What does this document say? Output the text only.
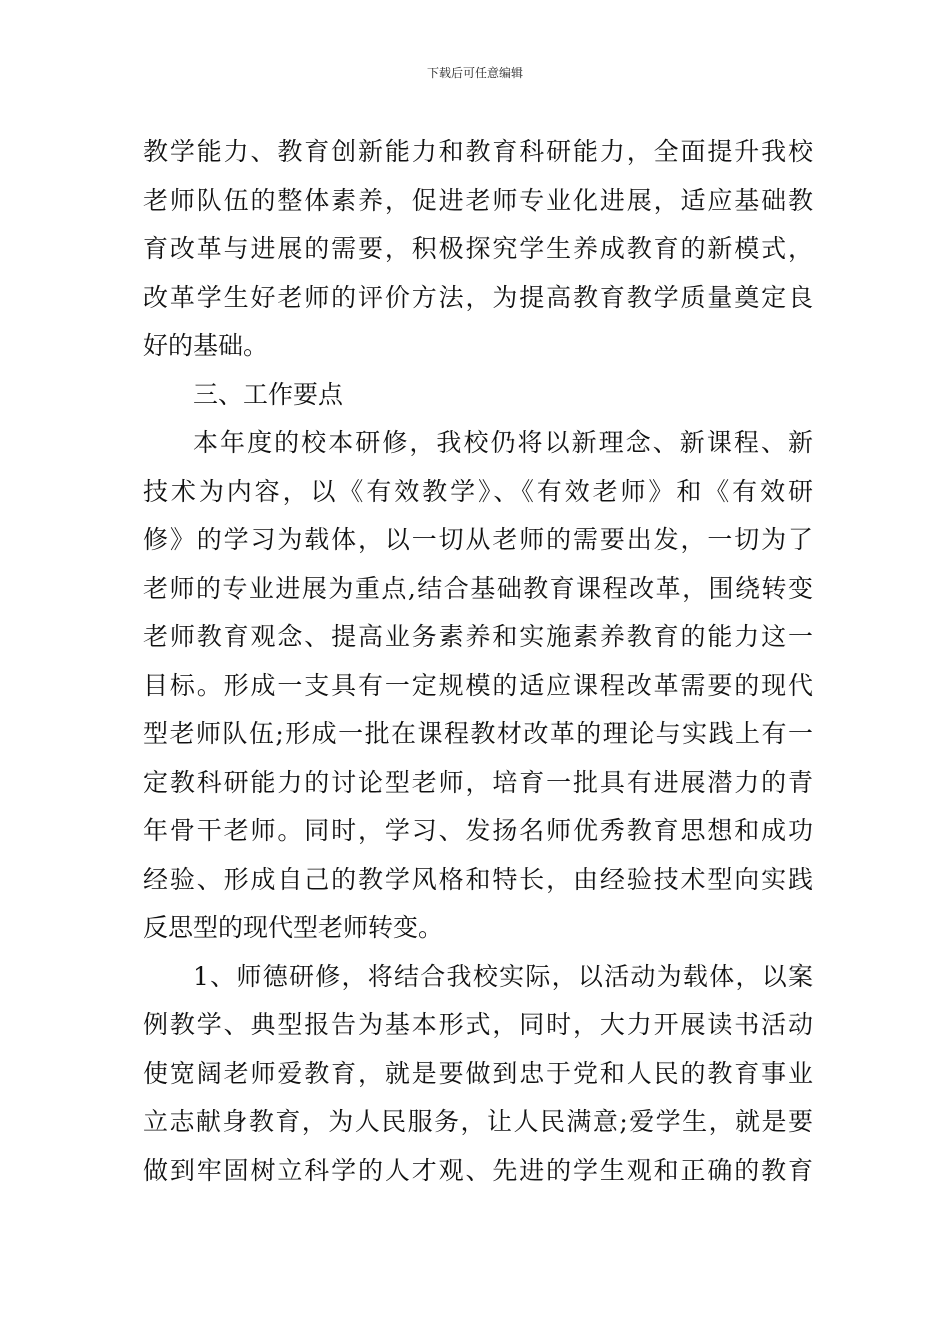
下载后可任意编辑
教学能力、教育创新能力和教育科研能力，全面提升我校
老师队伍的整体素养，促进老师专业化进展，适应基础教
育改革与进展的需要，积极探究学生养成教育的新模式，
改革学生好老师的评价方法，为提高教育教学质量奠定良
好的基础。
三、工作要点
本年度的校本研修，我校仍将以新理念、新课程、新
技术为内容，以《有效教学》、《有效老师》和《有效研
修》的学习为载体，以一切从老师的需要出发，一切为了
老师的专业进展为重点,结合基础教育课程改革，围绕转变
老师教育观念、提高业务素养和实施素养教育的能力这一
目标。形成一支具有一定规模的适应课程改革需要的现代
型老师队伍;形成一批在课程教材改革的理论与实践上有一
定教科研能力的讨论型老师，培育一批具有进展潜力的青
年骨干老师。同时，学习、发扬名师优秀教育思想和成功
经验、形成自己的教学风格和特长，由经验技术型向实践
反思型的现代型老师转变。
1、师德研修，将结合我校实际，以活动为载体，以案
例教学、典型报告为基本形式，同时，大力开展读书活动
使宽阔老师爱教育，就是要做到忠于党和人民的教育事业
立志献身教育，为人民服务，让人民满意;爱学生，就是要
做到牢固树立科学的人才观、先进的学生观和正确的教育
